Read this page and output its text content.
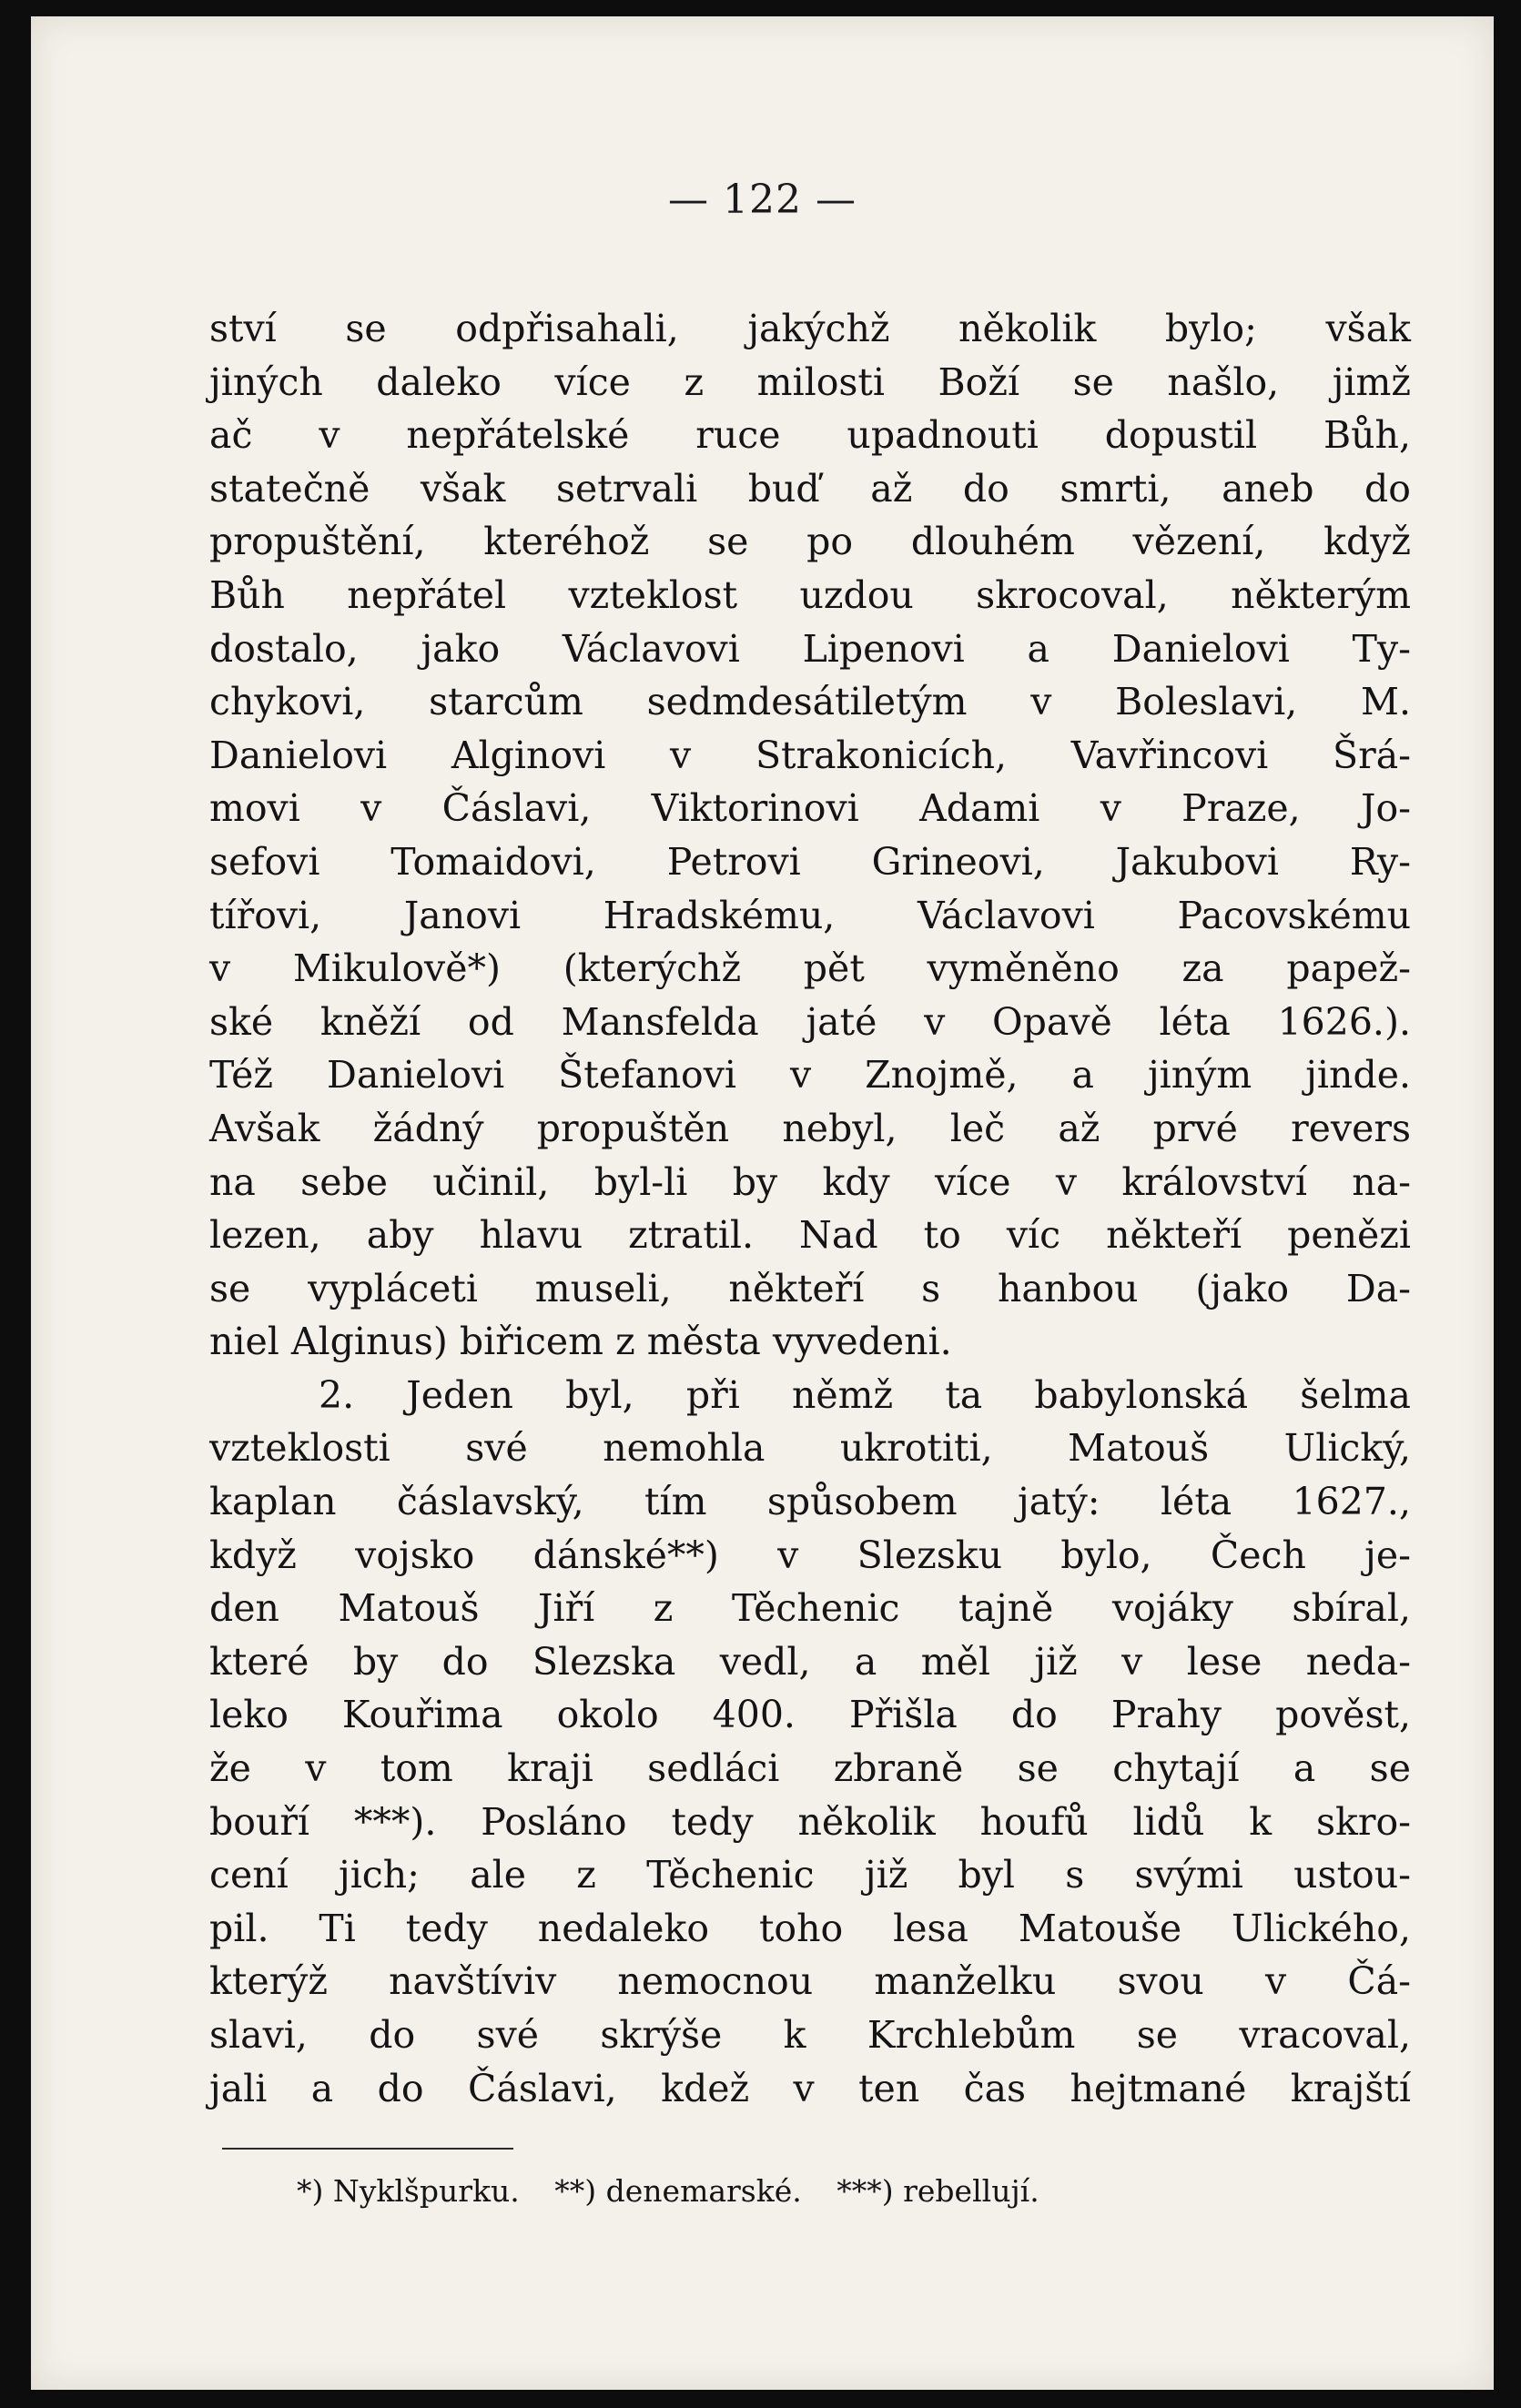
— 122 —
ství se odpřisahali, jakýchž několik bylo; však
jiných daleko více z milosti Boží se našlo, jimž
ač v nepřátelské ruce upadnouti dopustil Bůh,
statečně však setrvali buď až do smrti, aneb do
propuštění, kteréhož se po dlouhém vězení, když
Bůh nepřátel vzteklost uzdou skrocoval, některým
dostalo, jako Václavovi Lipenovi a Danielovi Ty-
chykovi, starcům sedmdesátiletým v Boleslavi, M.
Danielovi Alginovi v Strakonicích, Vavřincovi Šrá-
movi v Čáslavi, Viktorinovi Adami v Praze, Jo-
sefovi Tomaidovi, Petrovi Grineovi, Jakubovi Ry-
tířovi, Janovi Hradskému, Václavovi Pacovskému
v Mikulově*) (kterýchž pět vyměněno za papež-
ské kněží od Mansfelda jaté v Opavě léta 1626.).
Též Danielovi Štefanovi v Znojmě, a jiným jinde.
Avšak žádný propuštěn nebyl, leč až prvé revers
na sebe učinil, byl-li by kdy více v království na-
lezen, aby hlavu ztratil. Nad to víc někteří penězi
se vypláceti museli, někteří s hanbou (jako Da-
niel Alginus) biřicem z města vyvedeni.
2. Jeden byl, při němž ta babylonská šelma
vzteklosti své nemohla ukrotiti, Matouš Ulický,
kaplan čáslavský, tím spůsobem jatý: léta 1627.,
když vojsko dánské**) v Slezsku bylo, Čech je-
den Matouš Jiří z Těchenic tajně vojáky sbíral,
které by do Slezska vedl, a měl již v lese neda-
leko Kouřima okolo 400. Přišla do Prahy pověst,
že v tom kraji sedláci zbraně se chytají a se
bouří ***). Posláno tedy několik houfů lidů k skro-
cení jich; ale z Těchenic již byl s svými ustou-
pil. Ti tedy nedaleko toho lesa Matouše Ulického,
kterýž navštíviv nemocnou manželku svou v Čá-
slavi, do své skrýše k Krchlebům se vracoval,
jali a do Čáslavi, kdež v ten čas hejtmané krajští
*) Nyklšpurku. **) denemarské. ***) rebellují.
